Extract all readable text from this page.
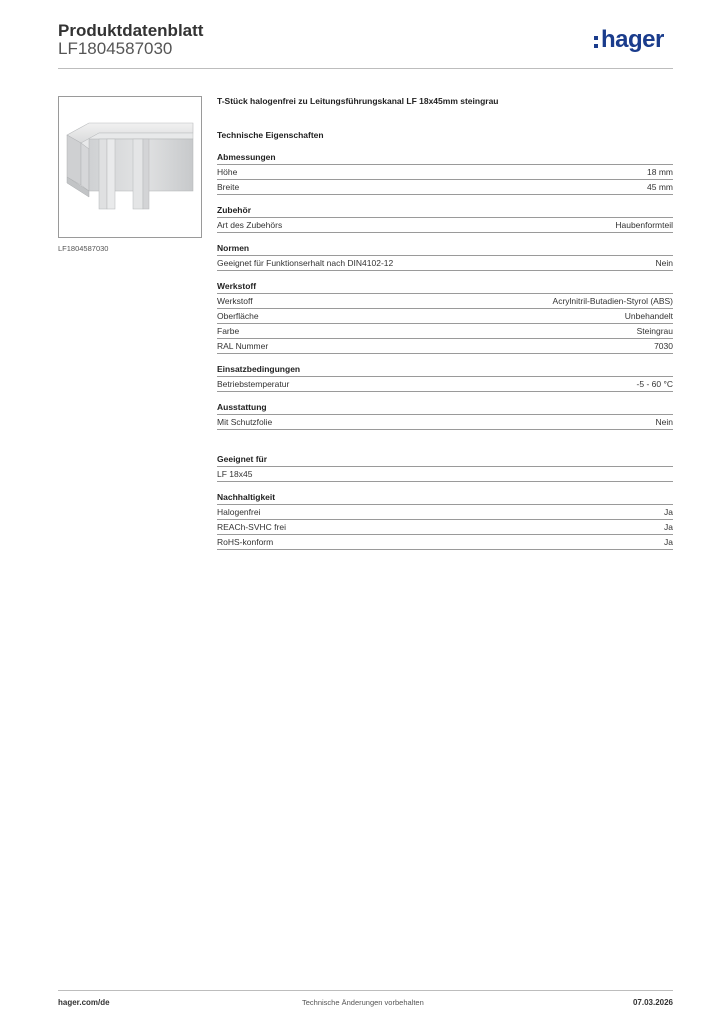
Produktdatenblatt
LF1804587030	hager
LF1804587030
T-Stück halogenfrei zu Leitungsführungskanal LF 18x45mm steingrau
Technische Eigenschaften
Abmessungen
Höhe	18 mm
Breite	45 mm
Zubehör
Art des Zubehörs	Haubenformteil
Normen
Geeignet für Funktionserhalt nach DIN4102-12	Nein
Werkstoff
Werkstoff	Acrylnitril-Butadien-Styrol (ABS)
Oberfläche	Unbehandelt
Farbe	Steingrau
RAL Nummer	7030
Einsatzbedingungen
Betriebstemperatur	-5 - 60 °C
Ausstattung
Mit Schutzfolie	Nein
Geeignet für
LF 18x45
Nachhaltigkeit
Halogenfrei	Ja
REACh-SVHC frei	Ja
RoHS-konform	Ja
hager.com/de	Technische Änderungen vorbehalten	07.03.2026
